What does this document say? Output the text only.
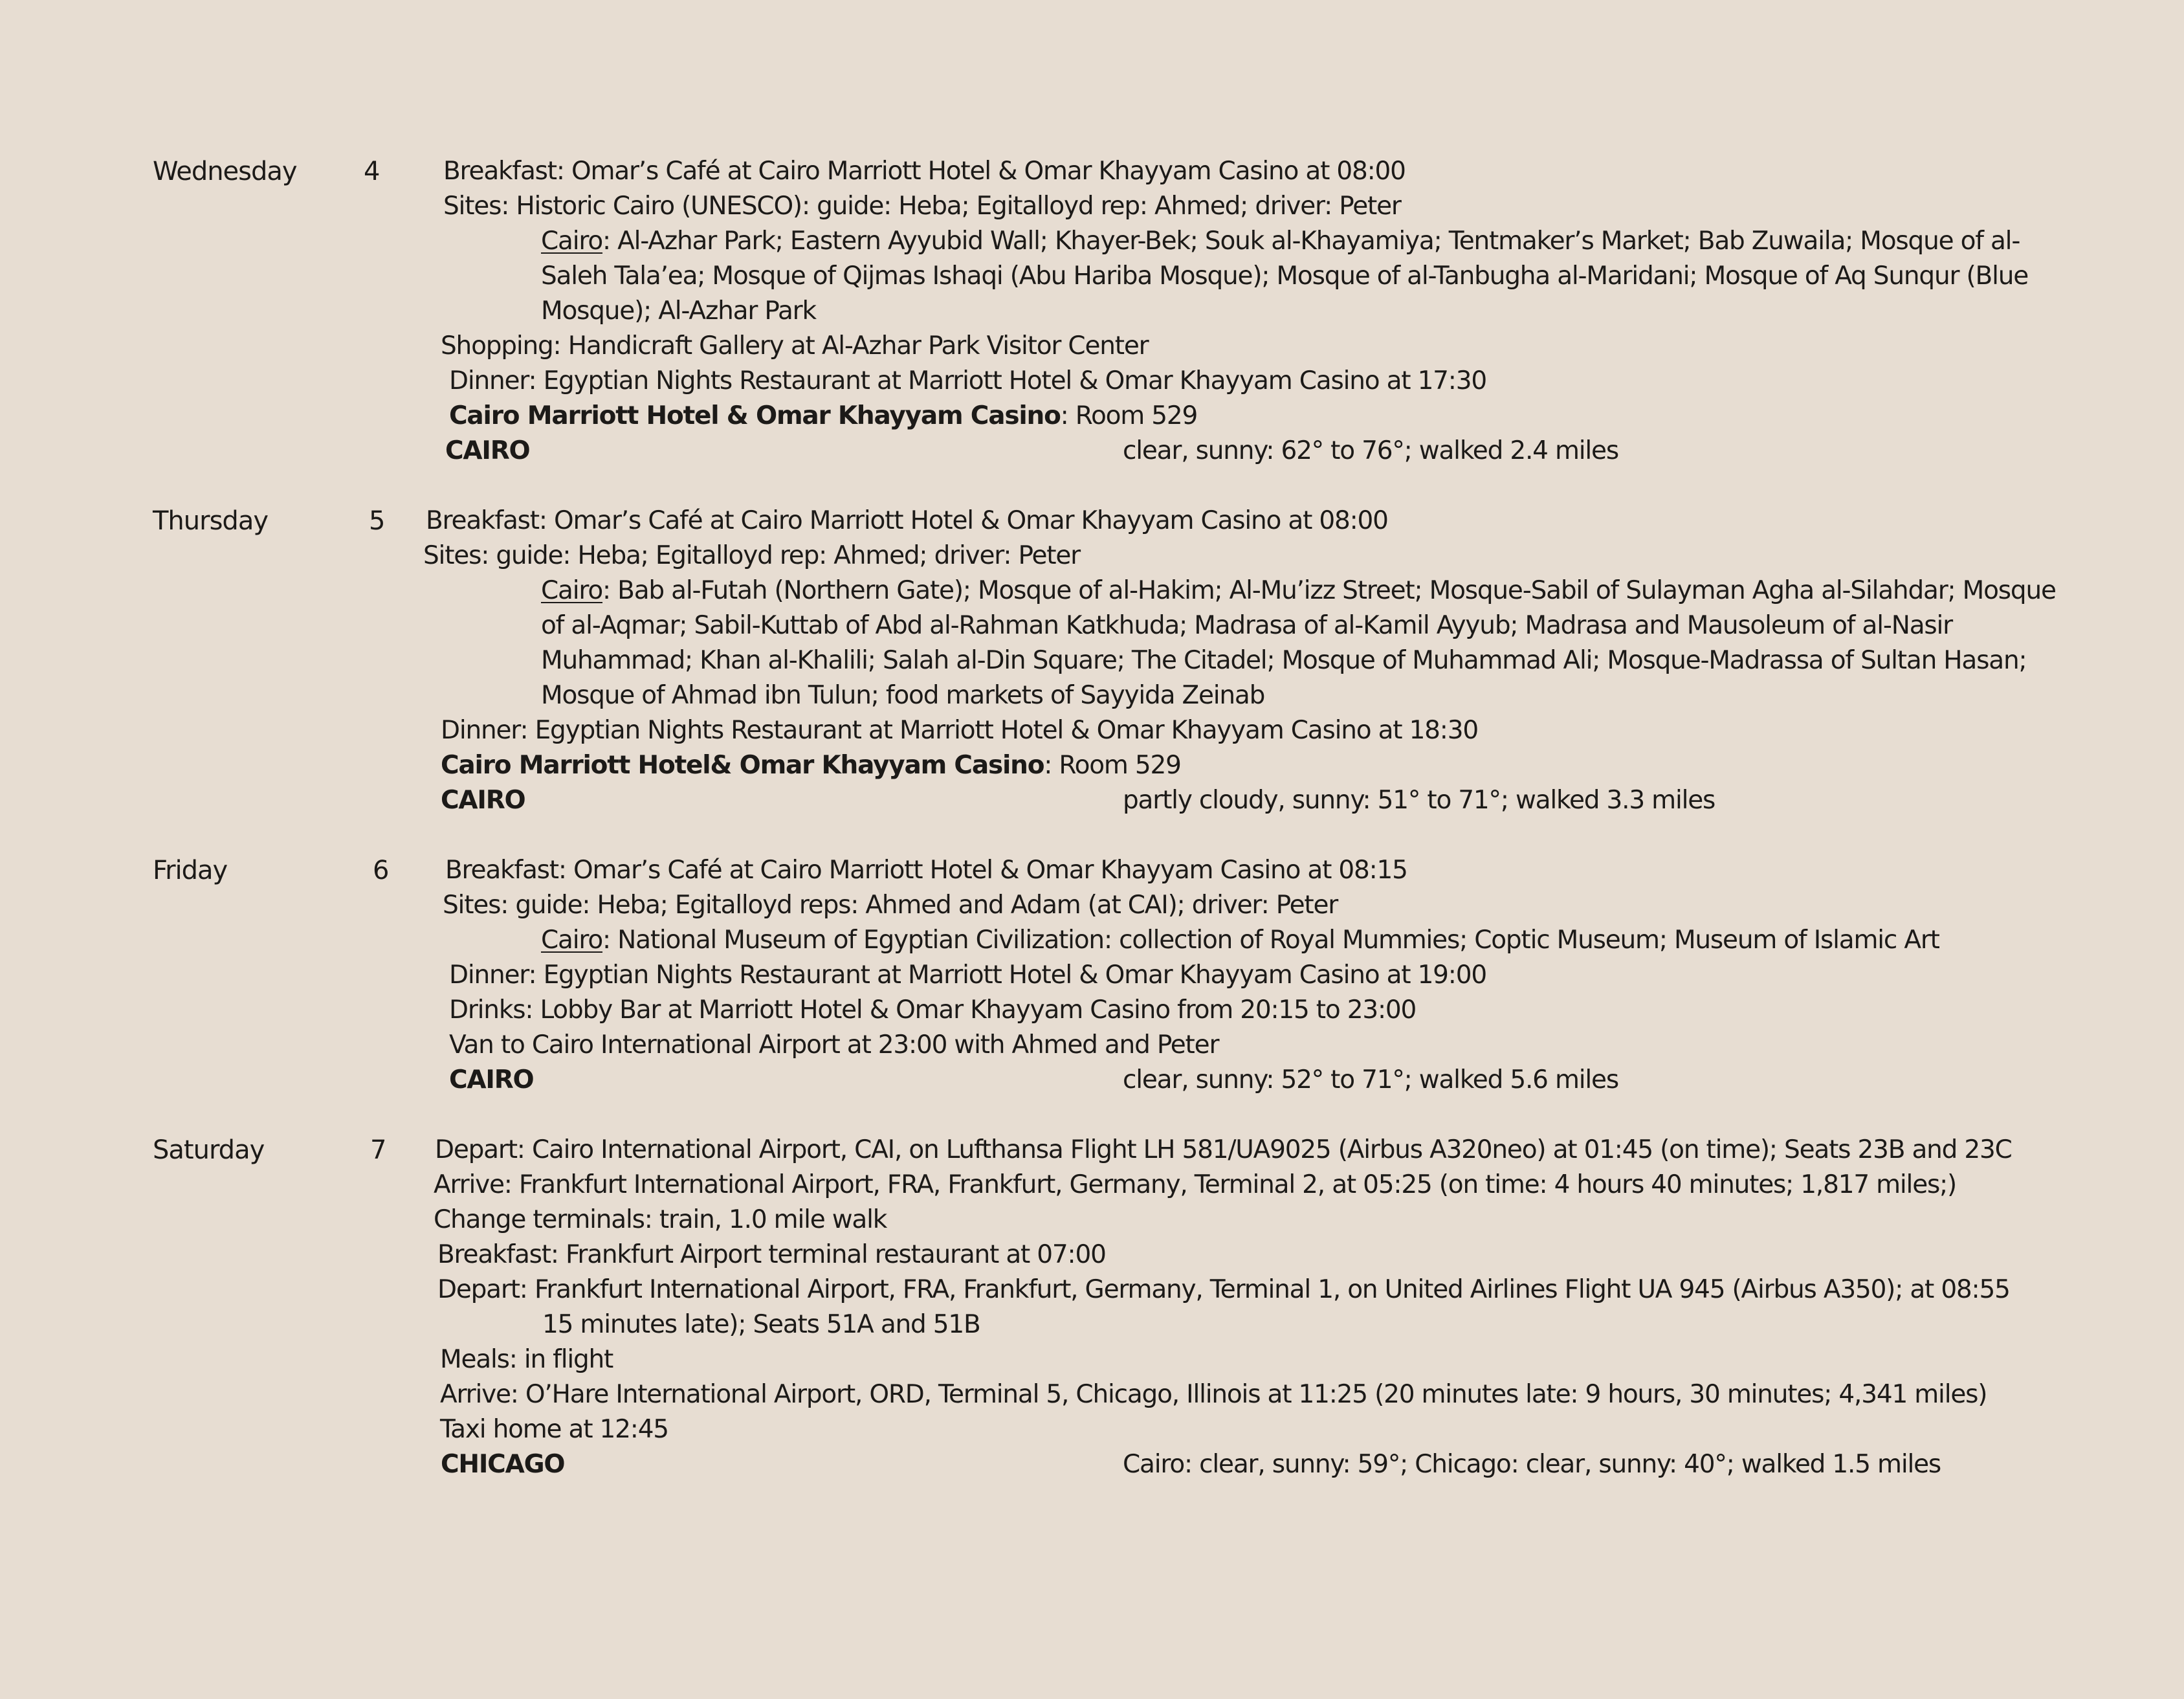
Wednesday	4	Breakfast: Omar’s Café at Cairo Marriott Hotel & Omar Khayyam Casino at 08:00
Sites: Historic Cairo (UNESCO): guide: Heba; Egitalloyd rep: Ahmed; driver: Peter
Cairo: Al-Azhar Park; Eastern Ayyubid Wall; Khayer-Bek; Souk al-Khayamiya; Tentmaker’s Market; Bab Zuwaila; Mosque of al-
Saleh Tala’ea; Mosque of Qijmas Ishaqi (Abu Hariba Mosque); Mosque of al-Tanbugha al-Maridani; Mosque of Aq Sunqur (Blue
Mosque); Al-Azhar Park
Shopping: Handicraft Gallery at Al-Azhar Park Visitor Center
Dinner: Egyptian Nights Restaurant at Marriott Hotel & Omar Khayyam Casino at 17:30
Cairo Marriott Hotel & Omar Khayyam Casino: Room 529
CAIRO	clear, sunny: 62° to 76°; walked 2.4 miles
Thursday	5 Breakfast: Omar’s Café at Cairo Marriott Hotel & Omar Khayyam Casino at 08:00
Sites: guide: Heba; Egitalloyd rep: Ahmed; driver: Peter
Cairo: Bab al-Futah (Northern Gate); Mosque of al-Hakim; Al-Mu’izz Street; Mosque-Sabil of Sulayman Agha al-Silahdar; Mosque
of al-Aqmar; Sabil-Kuttab of Abd al-Rahman Katkhuda; Madrasa of al-Kamil Ayyub; Madrasa and Mausoleum of al-Nasir
Muhammad; Khan al-Khalili; Salah al-Din Square; The Citadel; Mosque of Muhammad Ali; Mosque-Madrassa of Sultan Hasan;
Mosque of Ahmad ibn Tulun; food markets of Sayyida Zeinab
Dinner: Egyptian Nights Restaurant at Marriott Hotel & Omar Khayyam Casino at 18:30
Cairo Marriott Hotel& Omar Khayyam Casino: Room 529
CAIRO	partly cloudy, sunny: 51° to 71°; walked 3.3 miles
Friday	6 Breakfast: Omar’s Café at Cairo Marriott Hotel & Omar Khayyam Casino at 08:15
Sites: guide: Heba; Egitalloyd reps: Ahmed and Adam (at CAI); driver: Peter
Cairo: National Museum of Egyptian Civilization: collection of Royal Mummies; Coptic Museum; Museum of Islamic Art
Dinner: Egyptian Nights Restaurant at Marriott Hotel & Omar Khayyam Casino at 19:00
Drinks: Lobby Bar at Marriott Hotel & Omar Khayyam Casino from 20:15 to 23:00
Van to Cairo International Airport at 23:00 with Ahmed and Peter
CAIRO	clear, sunny: 52° to 71°; walked 5.6 miles
Saturday	7 Depart: Cairo International Airport, CAI, on Lufthansa Flight LH 581/UA9025 (Airbus A320neo) at 01:45 (on time); Seats 23B and 23C
Arrive: Frankfurt International Airport, FRA, Frankfurt, Germany, Terminal 2, at 05:25 (on time: 4 hours 40 minutes; 1,817 miles;)
Change terminals: train, 1.0 mile walk
Breakfast: Frankfurt Airport terminal restaurant at 07:00
Depart: Frankfurt International Airport, FRA, Frankfurt, Germany, Terminal 1, on United Airlines Flight UA 945 (Airbus A350); at 08:55
15 minutes late); Seats 51A and 51B
Meals: in flight
Arrive: O’Hare International Airport, ORD, Terminal 5, Chicago, Illinois at 11:25 (20 minutes late: 9 hours, 30 minutes; 4,341 miles)
Taxi home at 12:45
CHICAGO	Cairo: clear, sunny: 59°; Chicago: clear, sunny: 40°; walked 1.5 miles
